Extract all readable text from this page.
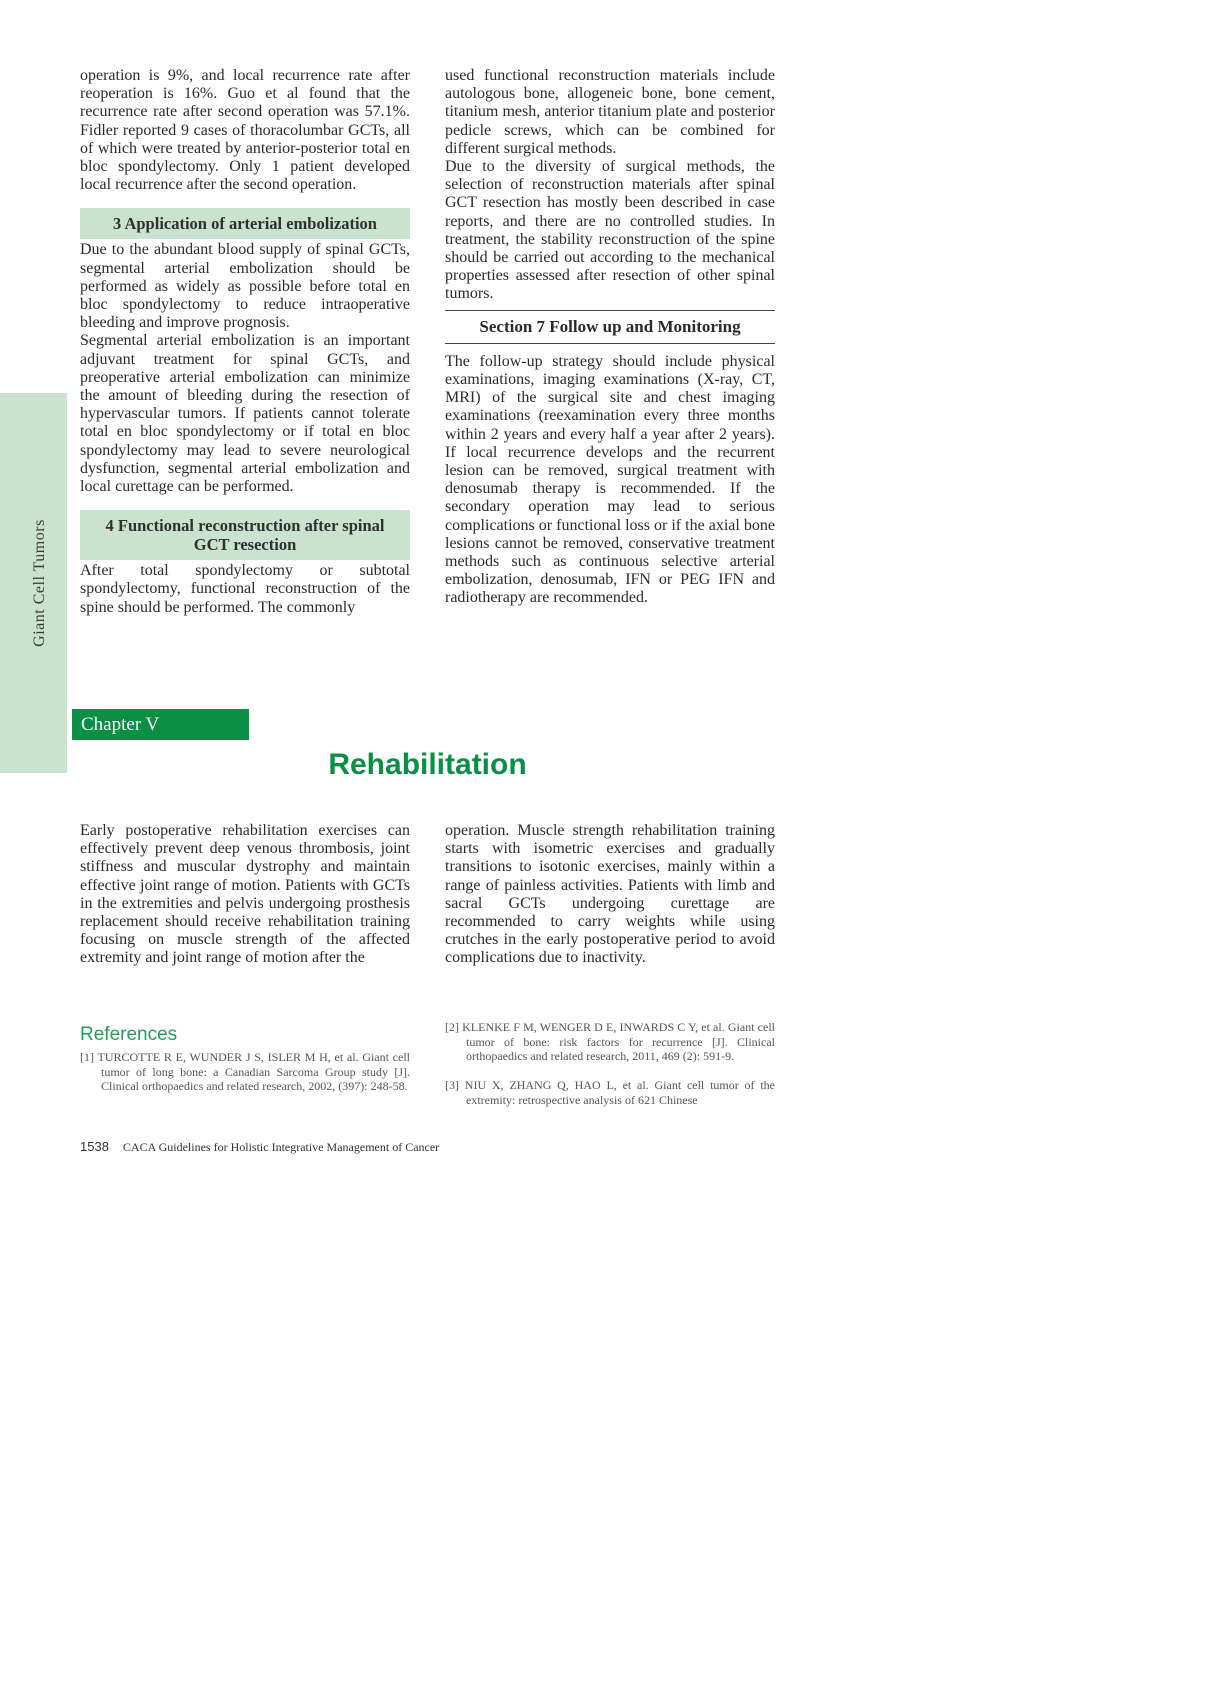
Giant Cell Tumors

operation is 9%, and local recurrence rate after reoperation is 16%. Guo et al found that the recurrence rate after second operation was 57.1%. Fidler reported 9 cases of thoracolumbar GCTs, all of which were treated by anterior-posterior total en bloc spondylectomy. Only 1 patient developed local recurrence after the second operation.

3 Application of arterial embolization

Due to the abundant blood supply of spinal GCTs, segmental arterial embolization should be performed as widely as possible before total en bloc spondylectomy to reduce intraoperative bleeding and improve prognosis.

Segmental arterial embolization is an important adjuvant treatment for spinal GCTs, and preoperative arterial embolization can minimize the amount of bleeding during the resection of hypervascular tumors. If patients cannot tolerate total en bloc spondylectomy or if total en bloc spondylectomy may lead to severe neurological dysfunction, segmental arterial embolization and local curettage can be performed.

4 Functional reconstruction after spinal GCT resection

After total spondylectomy or subtotal spondylectomy, functional reconstruction of the spine should be performed. The commonly

used functional reconstruction materials include autologous bone, allogeneic bone, bone cement, titanium mesh, anterior titanium plate and posterior pedicle screws, which can be combined for different surgical methods.

Due to the diversity of surgical methods, the selection of reconstruction materials after spinal GCT resection has mostly been described in case reports, and there are no controlled studies. In treatment, the stability reconstruction of the spine should be carried out according to the mechanical properties assessed after resection of other spinal tumors.

Section 7 Follow up and Monitoring

The follow-up strategy should include physical examinations, imaging examinations (X-ray, CT, MRI) of the surgical site and chest imaging examinations (reexamination every three months within 2 years and every half a year after 2 years). If local recurrence develops and the recurrent lesion can be removed, surgical treatment with denosumab therapy is recommended. If the secondary operation may lead to serious complications or functional loss or if the axial bone lesions cannot be removed, conservative treatment methods such as continuous selective arterial embolization, denosumab, IFN or PEG IFN and radiotherapy are recommended.

Chapter V
Rehabilitation

Early postoperative rehabilitation exercises can effectively prevent deep venous thrombosis, joint stiffness and muscular dystrophy and maintain effective joint range of motion. Patients with GCTs in the extremities and pelvis undergoing prosthesis replacement should receive rehabilitation training focusing on muscle strength of the affected extremity and joint range of motion after the

operation. Muscle strength rehabilitation training starts with isometric exercises and gradually transitions to isotonic exercises, mainly within a range of painless activities. Patients with limb and sacral GCTs undergoing curettage are recommended to carry weights while using crutches in the early postoperative period to avoid complications due to inactivity.

References

[1] TURCOTTE R E, WUNDER J S, ISLER M H, et al. Giant cell tumor of long bone: a Canadian Sarcoma Group study [J]. Clinical orthopaedics and related research, 2002, (397): 248-58.

[2] KLENKE F M, WENGER D E, INWARDS C Y, et al. Giant cell tumor of bone: risk factors for recurrence [J]. Clinical orthopaedics and related research, 2011, 469 (2): 591-9.

[3] NIU X, ZHANG Q, HAO L, et al. Giant cell tumor of the extremity: retrospective analysis of 621 Chinese

1538 CACA Guidelines for Holistic Integrative Management of Cancer
